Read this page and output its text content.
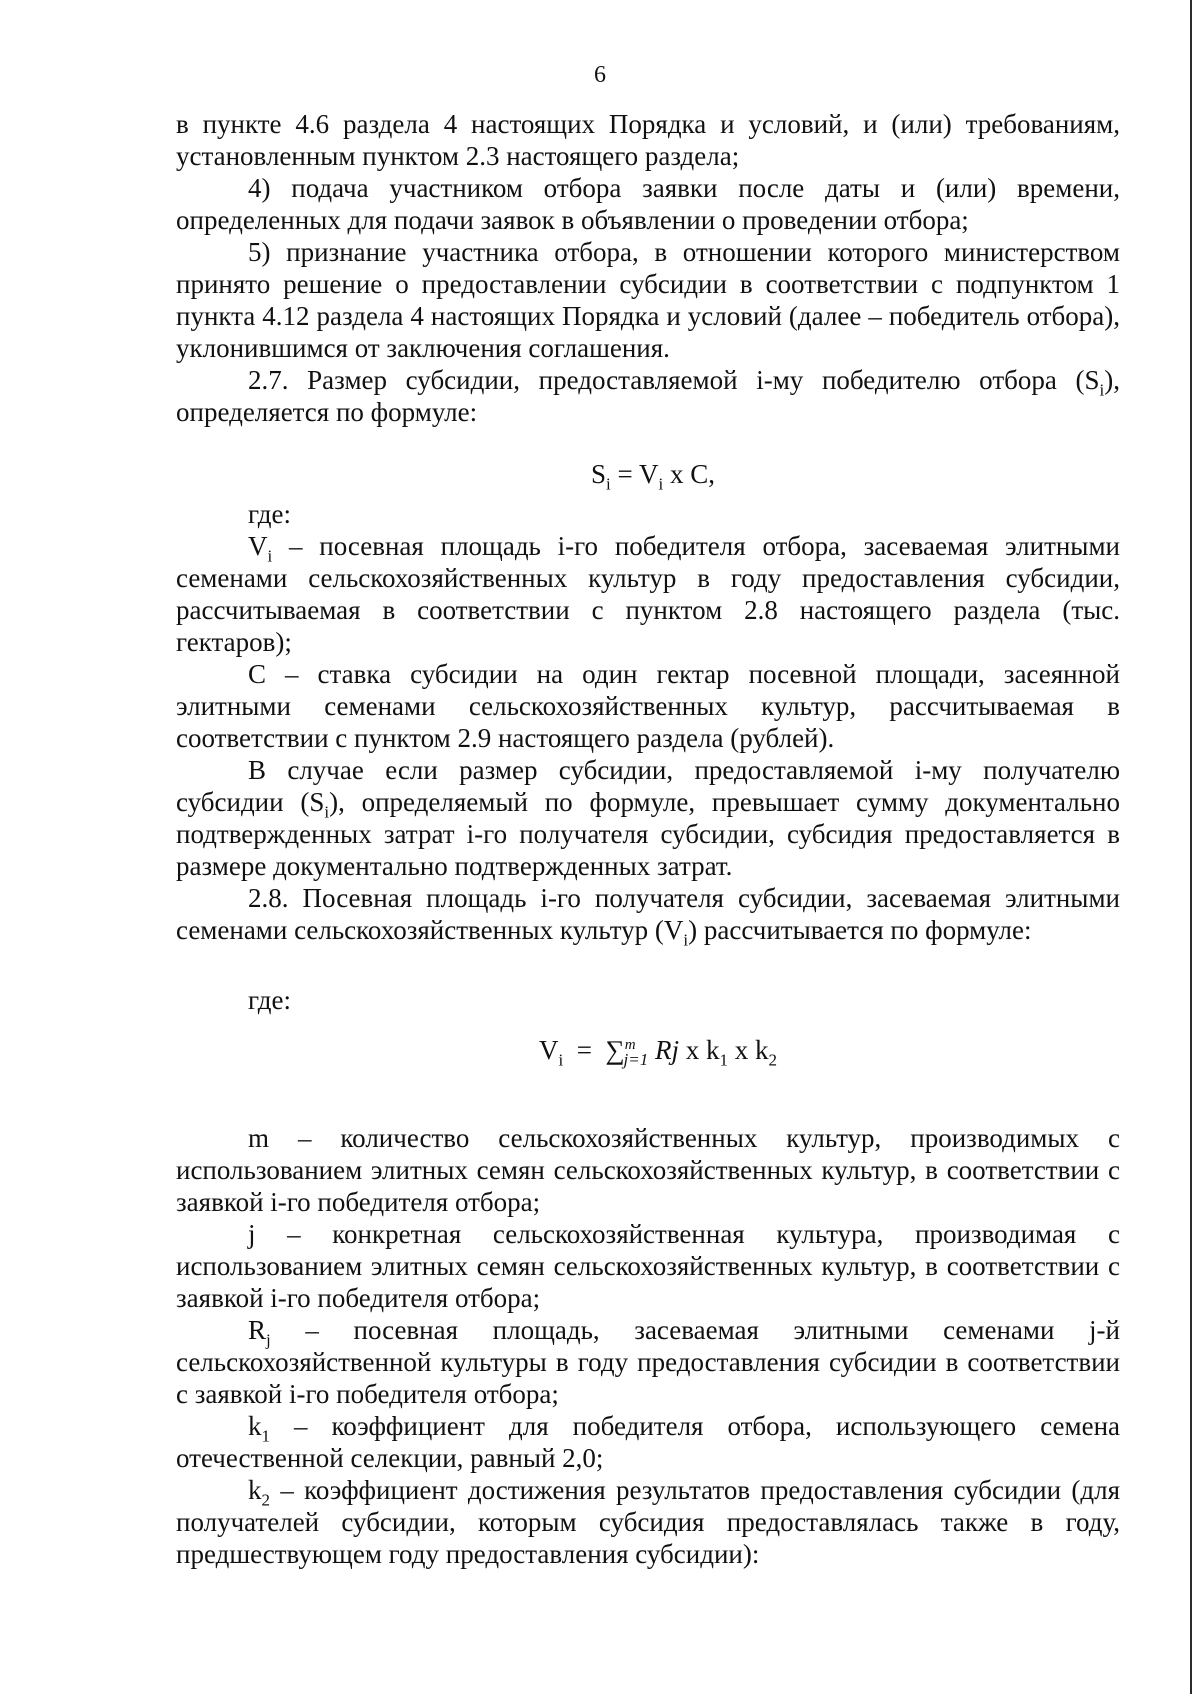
6

в пункте 4.6 раздела 4 настоящих Порядка и условий, и (или) требованиям, установленным пунктом 2.3 настоящего раздела;

4) подача участником отбора заявки после даты и (или) времени, определенных для подачи заявок в объявлении о проведении отбора;

5) признание участника отбора, в отношении которого министерством принято решение о предоставлении субсидии в соответствии с подпунктом 1 пункта 4.12 раздела 4 настоящих Порядка и условий (далее – победитель отбора), уклонившимся от заключения соглашения.

2.7. Размер субсидии, предоставляемой i-му победителю отбора $(S_i)$, определяется по формуле:

$S_i = V_i$ x C,

где:

$V_i$ – посевная площадь i-го победителя отбора, засеваемая элитными семенами сельскохозяйственных культур в году предоставления субсидии, рассчитываемая в соответствии с пунктом 2.8 настоящего раздела (тыс. гектаров);

С – ставка субсидии на один гектар посевной площади, засеянной элитными семенами сельскохозяйственных культур, рассчитываемая в соответствии с пунктом 2.9 настоящего раздела (рублей).

В случае если размер субсидии, предоставляемой i-му получателю субсидии $(S_i)$, определяемый по формуле, превышает сумму документально подтвержденных затрат i-го получателя субсидии, субсидия предоставляется в размере документально подтвержденных затрат.

2.8. Посевная площадь i-го получателя субсидии, засеваемая элитными семенами сельскохозяйственных культур $(V_i)$ рассчитывается по формуле:

где:

$V_i = \sum^m_{j=1}$ Rj x $k_1$ x $k_2$

m – количество сельскохозяйственных культур, производимых с использованием элитных семян сельскохозяйственных культур, в соответствии с заявкой i-го победителя отбора;

j – конкретная сельскохозяйственная культура, производимая с использованием элитных семян сельскохозяйственных культур, в соответствии с заявкой i-го победителя отбора;

$R_j$ – посевная площадь, засеваемая элитными семенами j-й сельскохозяйственной культуры в году предоставления субсидии в соответствии с заявкой i-го победителя отбора;

$k_1$ – коэффициент для победителя отбора, использующего семена отечественной селекции, равный 2,0;

$k_2$ – коэффициент достижения результатов предоставления субсидии (для получателей субсидии, которым субсидия предоставлялась также в году, предшествующем году предоставления субсидии):
